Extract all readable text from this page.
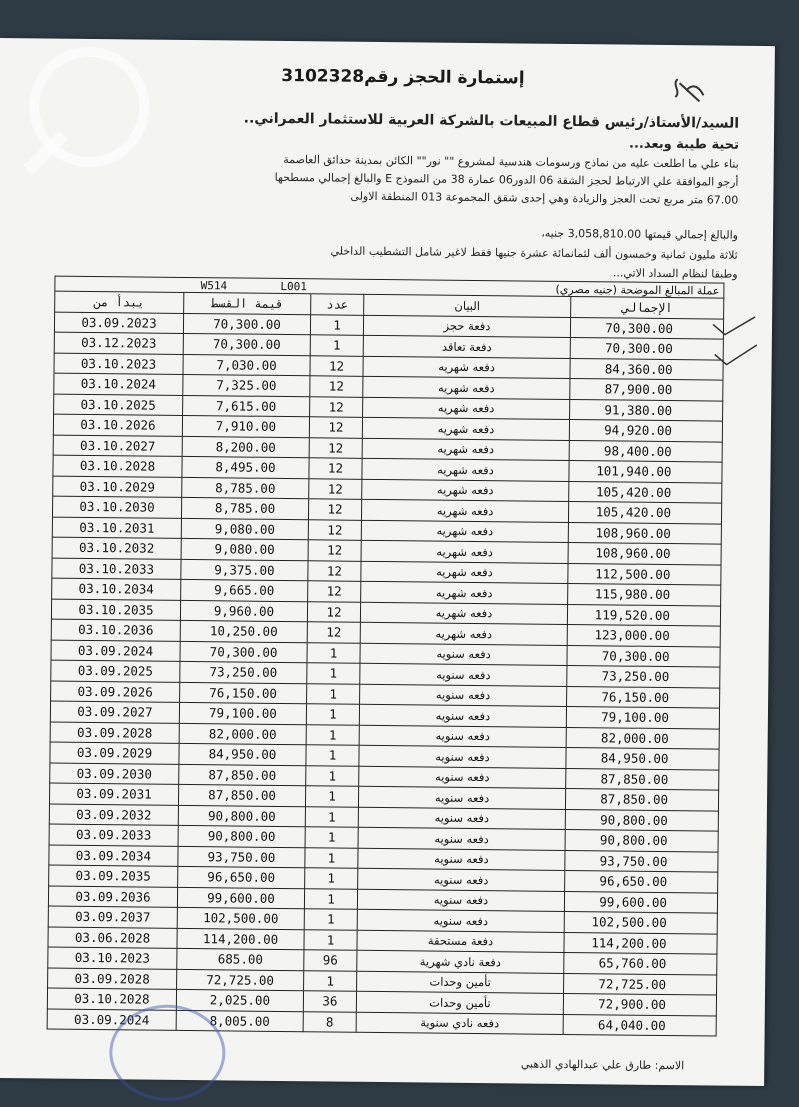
إستمارة الحجز رقم3102328
السيد/الأستاذ/رئيس قطاع المبيعات بالشركة العربية للاستثمار العمراني..
تحية طيبة وبعد...
بناء علي ما اطلعت عليه من نماذج ورسومات هندسية لمشروع "" نور"" الكائن بمدينة حدائق العاصمة
أرجو الموافقة علي الارتباط لحجز الشقة 06 الدور06 عمارة 38 من النموذج E والبالغ إجمالي مسطحها
67.00 متر مربع تحت العجز والزيادة وهي إحدى شقق المجموعة 013 المنطقة الاولى
والبالغ إجمالي قيمتها 3,058,810.00 جنيه،
ثلاثة مليون ثمانية وخمسون ألف لثمانمائة عشرة جنيها فقط لاغير شامل التشطيب الداخلي
وطبقا لنظام السداد الاتي...
W514 L001		عملة المبالغ الموضحة (جنيه مصري)		
يبدأ من	قيمة القسط	عدد	البيان	الإجمالي
03.09.2023	70,300.00	1	دفعة حجز	70,300.00
03.12.2023	70,300.00	1	دفعة تعاقد	70,300.00
03.10.2023	7,030.00	12	دفعه شهريه	84,360.00
03.10.2024	7,325.00	12	دفعه شهريه	87,900.00
03.10.2025	7,615.00	12	دفعه شهريه	91,380.00
03.10.2026	7,910.00	12	دفعه شهريه	94,920.00
03.10.2027	8,200.00	12	دفعه شهريه	98,400.00
03.10.2028	8,495.00	12	دفعه شهريه	101,940.00
03.10.2029	8,785.00	12	دفعه شهريه	105,420.00
03.10.2030	8,785.00	12	دفعه شهريه	105,420.00
03.10.2031	9,080.00	12	دفعه شهريه	108,960.00
03.10.2032	9,080.00	12	دفعه شهريه	108,960.00
03.10.2033	9,375.00	12	دفعه شهريه	112,500.00
03.10.2034	9,665.00	12	دفعه شهريه	115,980.00
03.10.2035	9,960.00	12	دفعه شهريه	119,520.00
03.10.2036	10,250.00	12	دفعه شهريه	123,000.00
03.09.2024	70,300.00	1	دفعه سنويه	70,300.00
03.09.2025	73,250.00	1	دفعه سنويه	73,250.00
03.09.2026	76,150.00	1	دفعه سنويه	76,150.00
03.09.2027	79,100.00	1	دفعه سنويه	79,100.00
03.09.2028	82,000.00	1	دفعه سنويه	82,000.00
03.09.2029	84,950.00	1	دفعه سنويه	84,950.00
03.09.2030	87,850.00	1	دفعه سنويه	87,850.00
03.09.2031	87,850.00	1	دفعه سنويه	87,850.00
03.09.2032	90,800.00	1	دفعه سنويه	90,800.00
03.09.2033	90,800.00	1	دفعه سنويه	90,800.00
03.09.2034	93,750.00	1	دفعه سنويه	93,750.00
03.09.2035	96,650.00	1	دفعه سنويه	96,650.00
03.09.2036	99,600.00	1	دفعه سنويه	99,600.00
03.09.2037	102,500.00	1	دفعه سنويه	102,500.00
03.06.2028	114,200.00	1	دفعة مستحقة	114,200.00
03.10.2023	685.00	96	دفعة نادي شهرية	65,760.00
03.09.2028	72,725.00	1	تأمين وحدات	72,725.00
03.10.2028	2,025.00	36	تأمين وحدات	72,900.00
03.09.2024	8,005.00	8	دفعه نادي سنوية	64,040.00
الاسم: طارق علي عبدالهادي الذهبي
